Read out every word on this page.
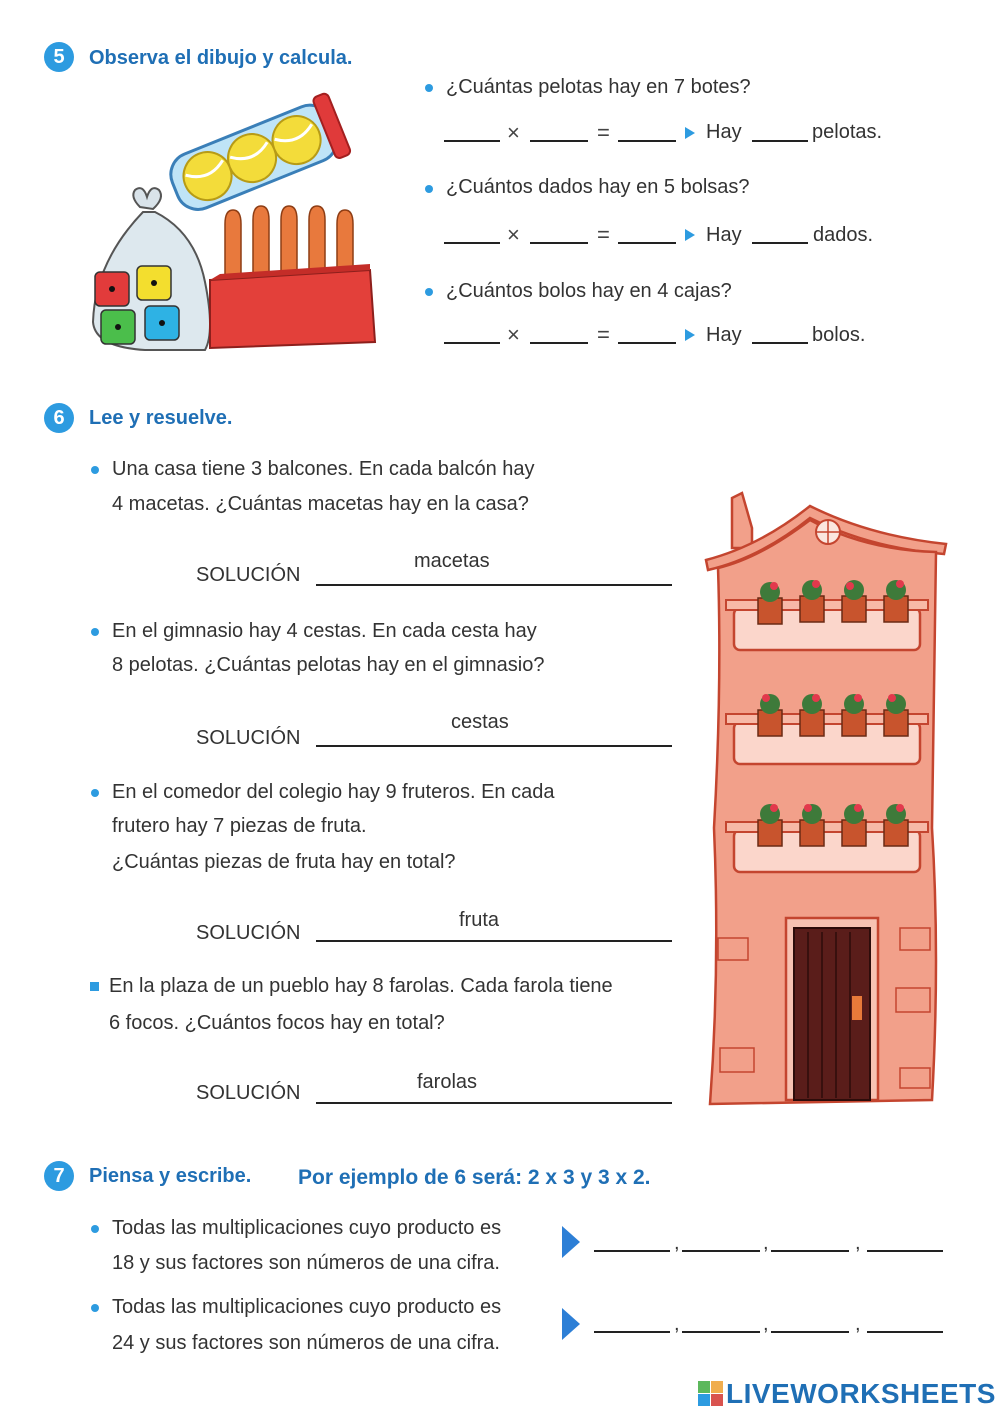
5	Observa el dibujo y calcula.
¿Cuántas pelotas hay en 7 botes?
×	=	Hay	pelotas.
¿Cuántos dados hay en 5 bolsas?
×	=	Hay	dados.
¿Cuántos bolos hay en 4 cajas?
×	=	Hay	bolos.
6	Lee y resuelve.
Una casa tiene 3 balcones. En cada balcón hay
4 macetas. ¿Cuántas macetas hay en la casa?
SOLUCIÓN
macetas
En el gimnasio hay 4 cestas. En cada cesta hay
8 pelotas. ¿Cuántas pelotas hay en el gimnasio?
SOLUCIÓN
cestas
En el comedor del colegio hay 9 fruteros. En cada
frutero hay 7 piezas de fruta.
¿Cuántas piezas de fruta hay en total?
SOLUCIÓN
fruta
En la plaza de un pueblo hay 8 farolas. Cada farola tiene
6 focos. ¿Cuántos focos hay en total?
SOLUCIÓN	farolas
7	Piensa y escribe. Por ejemplo de 6 será: 2 x 3 y 3 x 2.
Todas las multiplicaciones cuyo producto es
18 y sus factores son números de una cifra.
,	,	,
Todas las multiplicaciones cuyo producto es
24 y sus factores son números de una cifra.
,	,	,
LIVEWORKSHEETS
